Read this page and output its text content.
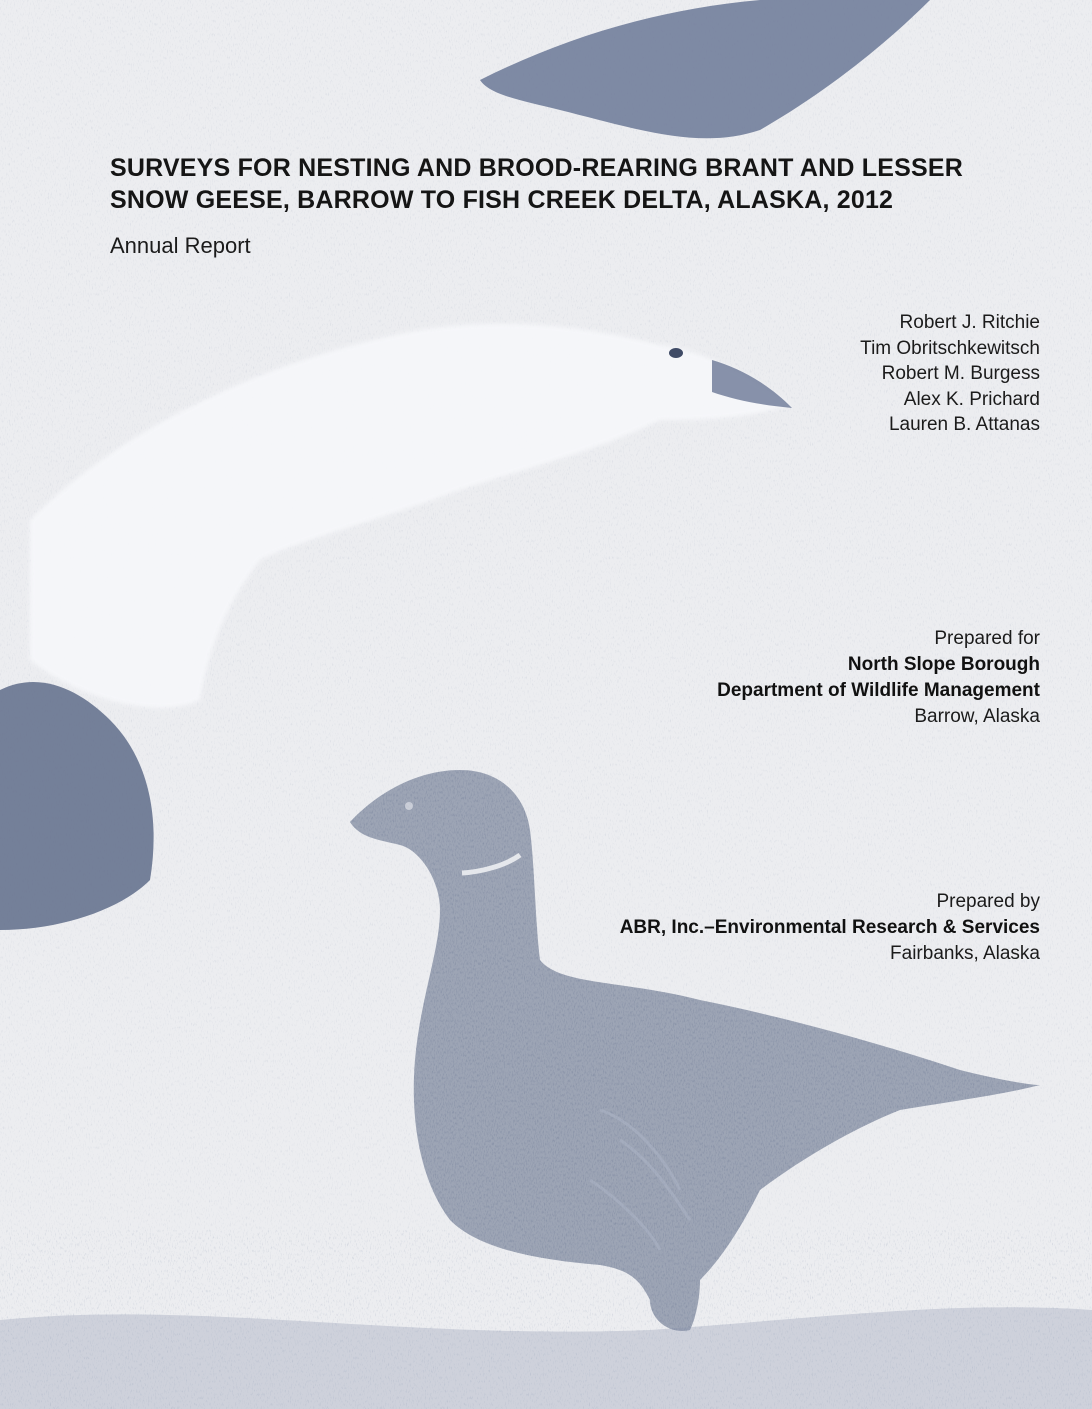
SURVEYS FOR NESTING AND BROOD-REARING BRANT AND LESSER
SNOW GEESE, BARROW TO FISH CREEK DELTA, ALASKA, 2012
Annual Report
Robert J. Ritchie
Tim Obritschkewitsch
Robert M. Burgess
Alex K. Prichard
Lauren B. Attanas
Prepared for
North Slope Borough
Department of Wildlife Management
Barrow, Alaska
Prepared by
ABR, Inc.–Environmental Research & Services
Fairbanks, Alaska
